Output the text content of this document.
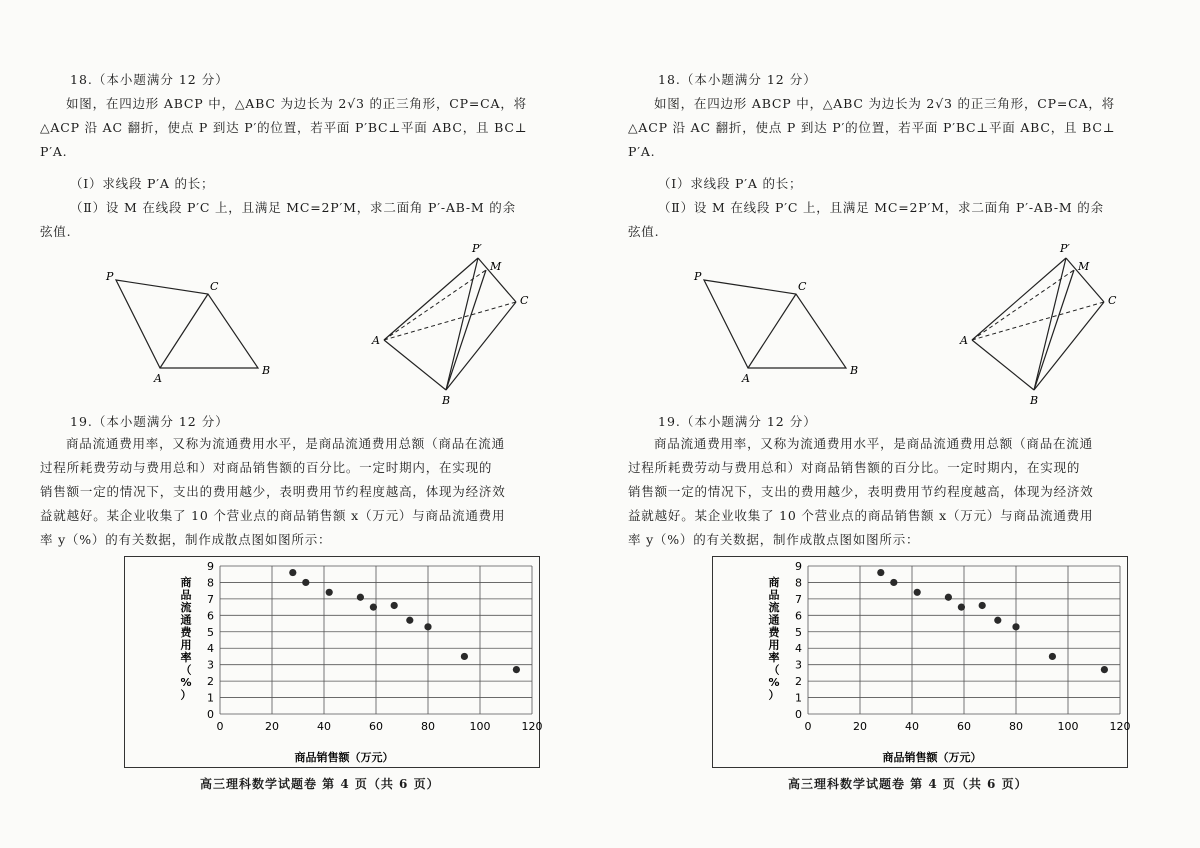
18.（本小题满分 12 分）
如图，在四边形 ABCP 中，△ABC 为边长为 2√3 的正三角形，CP=CA，将
△ACP 沿 AC 翻折，使点 P 到达 P′的位置，若平面 P′BC⊥平面 ABC，且 BC⊥
P′A.
（Ⅰ）求线段 P′A 的长；
（Ⅱ）设 M 在线段 P′C 上，且满足 MC=2P′M，求二面角 P′-AB-M 的余
弦值.
P
C
A
B
P′
M
C
A
B
19.（本小题满分 12 分）
商品流通费用率，又称为流通费用水平，是商品流通费用总额（商品在流通
过程所耗费劳动与费用总和）对商品销售额的百分比。一定时期内，在实现的
销售额一定的情况下，支出的费用越少，表明费用节约程度越高，体现为经济效
益就越好。某企业收集了 10 个营业点的商品销售额 x（万元）与商品流通费用
率 y（%）的有关数据，制作成散点图如图所示：
0
1
2
3
4
5
6
7
8
9
0	20	40	60	80	100	120
商品销售额（万元）
商
品
流
通
费
用
率
（
%
）
高三理科数学试题卷 第 4 页（共 6 页）
18.（本小题满分 12 分）
如图，在四边形 ABCP 中，△ABC 为边长为 2√3 的正三角形，CP=CA，将
△ACP 沿 AC 翻折，使点 P 到达 P′的位置，若平面 P′BC⊥平面 ABC，且 BC⊥
P′A.
（Ⅰ）求线段 P′A 的长；
（Ⅱ）设 M 在线段 P′C 上，且满足 MC=2P′M，求二面角 P′-AB-M 的余
弦值.
P
C
A
B
P′
M
C
A
B
19.（本小题满分 12 分）
商品流通费用率，又称为流通费用水平，是商品流通费用总额（商品在流通
过程所耗费劳动与费用总和）对商品销售额的百分比。一定时期内，在实现的
销售额一定的情况下，支出的费用越少，表明费用节约程度越高，体现为经济效
益就越好。某企业收集了 10 个营业点的商品销售额 x（万元）与商品流通费用
率 y（%）的有关数据，制作成散点图如图所示：
0
1
2
3
4
5
6
7
8
9
0	20	40	60	80	100	120
商品销售额（万元）
商
品
流
通
费
用
率
（
%
）
高三理科数学试题卷 第 4 页（共 6 页）
